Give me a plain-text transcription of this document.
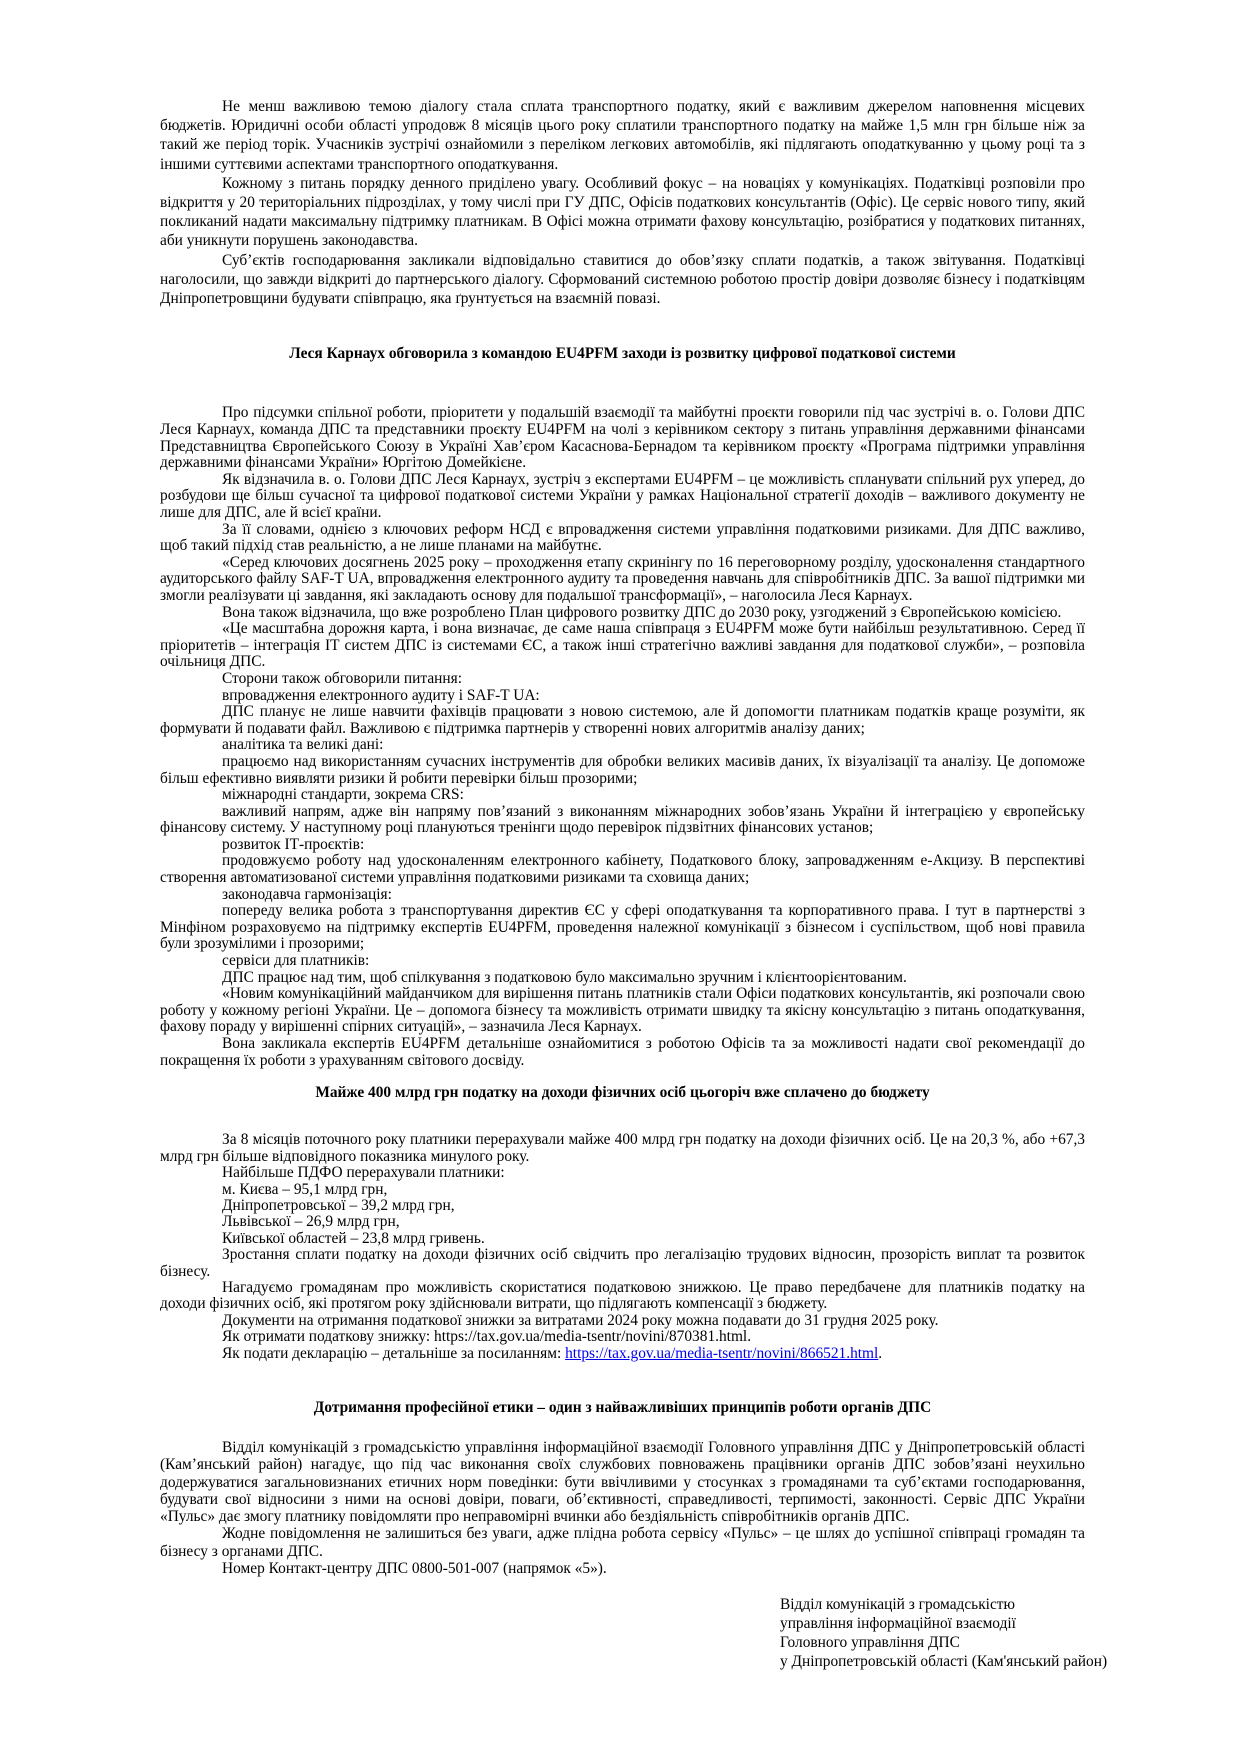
Не менш важливою темою діалогу стала сплата транспортного податку, який є важливим джерелом наповнення місцевих бюджетів. Юридичні особи області упродовж 8 місяців цього року сплатили транспортного податку на майже 1,5 млн грн більше ніж за такий же період торік. Учасників зустрічі ознайомили з переліком легкових автомобілів, які підлягають оподаткуванню у цьому році та з іншими суттєвими аспектами транспортного оподаткування.

Кожному з питань порядку денного приділено увагу. Особливий фокус – на новаціях у комунікаціях. Податківці розповіли про відкриття у 20 територіальних підрозділах, у тому числі при ГУ ДПС, Офісів податкових консультантів (Офіс). Це сервіс нового типу, який покликаний надати максимальну підтримку платникам. В Офісі можна отримати фахову консультацію, розібратися у податкових питаннях, аби уникнути порушень законодавства.

Суб’єктів господарювання закликали відповідально ставитися до обов’язку сплати податків, а також звітування. Податківці наголосили, що завжди відкриті до партнерського діалогу. Сформований системною роботою простір довіри дозволяє бізнесу і податківцям Дніпропетровщини будувати співпрацю, яка ґрунтується на взаємній повазі.

Леся Карнаух обговорила з командою EU4PFM заходи із розвитку цифрової податкової системи

Про підсумки спільної роботи, пріоритети у подальшій взаємодії та майбутні проєкти говорили під час зустрічі в. о. Голови ДПС Леся Карнаух, команда ДПС та представники проєкту EU4PFM на чолі з керівником сектору з питань управління державними фінансами Представництва Європейського Союзу в Україні Хав’єром Касаснова-Бернадом та керівником проєкту «Програма підтримки управління державними фінансами України» Юргітою Домейкієне.

Як відзначила в. о. Голови ДПС Леся Карнаух, зустріч з експертами EU4PFM – це можливість спланувати спільний рух уперед, до розбудови ще більш сучасної та цифрової податкової системи України у рамках Національної стратегії доходів – важливого документу не лише для ДПС, але й всієї країни.

За її словами, однією з ключових реформ НСД є впровадження системи управління податковими ризиками. Для ДПС важливо, щоб такий підхід став реальністю, а не лише планами на майбутнє.

«Серед ключових досягнень 2025 року – проходження етапу скринінгу по 16 переговорному розділу, удосконалення стандартного аудиторського файлу SAF-T UA, впровадження електронного аудиту та проведення навчань для співробітників ДПС. За вашої підтримки ми змогли реалізувати ці завдання, які закладають основу для подальшої трансформації», – наголосила Леся Карнаух.

Вона також відзначила, що вже розроблено План цифрового розвитку ДПС до 2030 року, узгоджений з Європейською комісією.

«Це масштабна дорожня карта, і вона визначає, де саме наша співпраця з EU4PFM може бути найбільш результативною. Серед її пріоритетів – інтеграція ІТ систем ДПС із системами ЄС, а також інші стратегічно важливі завдання для податкової служби», – розповіла очільниця ДПС.

Сторони також обговорили питання:

впровадження електронного аудиту і SAF-T UA:

ДПС планує не лише навчити фахівців працювати з новою системою, але й допомогти платникам податків краще розуміти, як формувати й подавати файл. Важливою є підтримка партнерів у створенні нових алгоритмів аналізу даних;

аналітика та великі дані:

працюємо над використанням сучасних інструментів для обробки великих масивів даних, їх візуалізації та аналізу. Це допоможе більш ефективно виявляти ризики й робити перевірки більш прозорими;

міжнародні стандарти, зокрема CRS:

важливий напрям, адже він напряму пов’язаний з виконанням міжнародних зобов’язань України й інтеграцією у європейську фінансову систему. У наступному році плануються тренінги щодо перевірок підзвітних фінансових установ;

розвиток ІТ-проєктів:

продовжуємо роботу над удосконаленням електронного кабінету, Податкового блоку, запровадженням е-Акцизу. В перспективі створення автоматизованої системи управління податковими ризиками та сховища даних;

законодавча гармонізація:

попереду велика робота з транспортування директив ЄС у сфері оподаткування та корпоративного права. І тут в партнерстві з Мінфіном розраховуємо на підтримку експертів EU4PFM, проведення належної комунікації з бізнесом і суспільством, щоб нові правила були зрозумілими і прозорими;

сервіси для платників:

ДПС працює над тим, щоб спілкування з податковою було максимально зручним і клієнтоорієнтованим.

«Новим комунікаційний майданчиком для вирішення питань платників стали Офіси податкових консультантів, які розпочали свою роботу у кожному регіоні України. Це – допомога бізнесу та можливість отримати швидку та якісну консультацію з питань оподаткування, фахову пораду у вирішенні спірних ситуацій», – зазначила Леся Карнаух.

Вона закликала експертів EU4PFM детальніше ознайомитися з роботою Офісів та за можливості надати свої рекомендації до покращення їх роботи з урахуванням світового досвіду.

Майже 400 млрд грн податку на доходи фізичних осіб цьогоріч вже сплачено до бюджету

За 8 місяців поточного року платники перерахували майже 400 млрд грн податку на доходи фізичних осіб. Це на 20,3 %, або +67,3 млрд грн більше відповідного показника минулого року.

Найбільше ПДФО перерахували платники:

м. Києва – 95,1 млрд грн,

Дніпропетровської – 39,2 млрд грн,

Львівської – 26,9 млрд грн,

Київської областей – 23,8 млрд гривень.

Зростання сплати податку на доходи фізичних осіб свідчить про легалізацію трудових відносин, прозорість виплат та розвиток бізнесу.

Нагадуємо громадянам про можливість скористатися податковою знижкою. Це право передбачене для платників податку на доходи фізичних осіб, які протягом року здійснювали витрати, що підлягають компенсації з бюджету.

Документи на отримання податкової знижки за витратами 2024 року можна подавати до 31 грудня 2025 року.

Як отримати податкову знижку: https://tax.gov.ua/media-tsentr/novini/870381.html.

Як подати декларацію – детальніше за посиланням: https://tax.gov.ua/media-tsentr/novini/866521.html.

Дотримання професійної етики – один з найважливіших принципів роботи органів ДПС

Відділ комунікацій з громадськістю управління інформаційної взаємодії Головного управління ДПС у Дніпропетровській області (Кам’янський район) нагадує, що під час виконання своїх службових повноважень працівники органів ДПС зобов’язані неухильно додержуватися загальновизнаних етичних норм поведінки: бути ввічливими у стосунках з громадянами та суб’єктами господарювання, будувати свої відносини з ними на основі довіри, поваги, об’єктивності, справедливості, терпимості, законності. Сервіс ДПС України «Пульс» дає змогу платнику повідомляти про неправомірні вчинки або бездіяльність співробітників органів ДПС.

Жодне повідомлення не залишиться без уваги, адже плідна робота сервісу «Пульс» – це шлях до успішної співпраці громадян та бізнесу з органами ДПС.

Номер Контакт-центру ДПС 0800-501-007 (напрямок «5»).

Відділ комунікацій з громадськістю
управління інформаційної взаємодії
Головного управління ДПС
у Дніпропетровській області (Кам'янський район)
